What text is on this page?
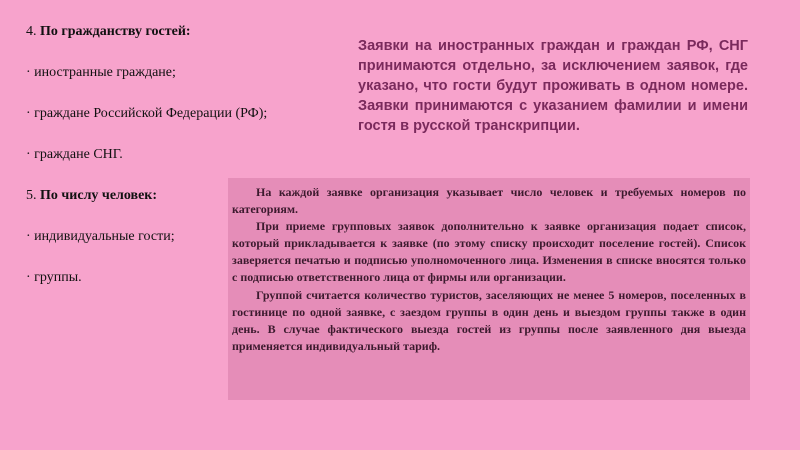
4. По гражданству гостей:

· иностранные граждане;

· граждане Российской Федерации (РФ);

· граждане СНГ.

5. По числу человек:

· индивидуальные гости;

· группы.

Заявки на иностранных граждан и граждан РФ, СНГ принимаются отдельно, за исключением заявок, где указано, что гости будут проживать в одном номере. Заявки принимаются с указанием фамилии и имени гостя в русской транскрипции.

На каждой заявке организация указывает число человек и требуемых номеров по категориям.

При приеме групповых заявок дополнительно к заявке организация подает список, который прикладывается к заявке (по этому списку происходит поселение гостей). Список заверяется печатью и подписью уполномоченного лица. Изменения в списке вносятся только с подписью ответственного лица от фирмы или организации.

Группой считается количество туристов, заселяющих не менее 5 номеров, поселенных в гостинице по одной заявке, с заездом группы в один день и выездом группы также в один день. В случае фактического выезда гостей из группы после заявленного дня выезда применяется индивидуальный тариф.
